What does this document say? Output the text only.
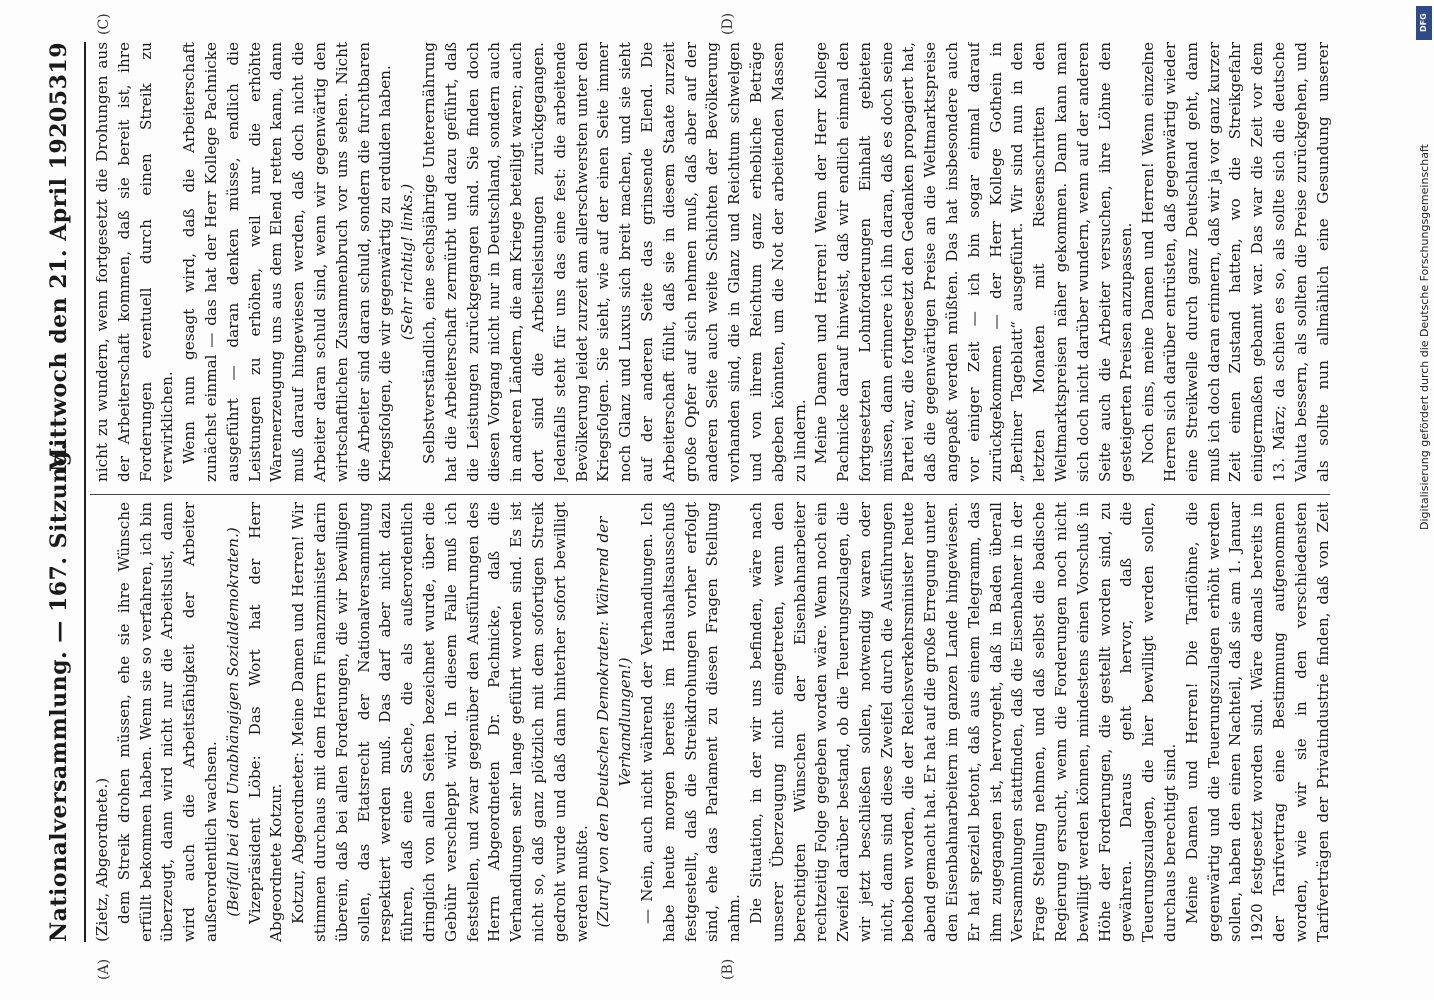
Nationalversammlung. — 167. Sitzung.
Mittwoch den 21. April 1920.
5319
(A)	(B)
(C)	(D)

(Zietz, Abgeordnete.) dem Streik drohen müssen, ehe sie ihre Wünsche erfüllt bekommen haben. Wenn sie so verfahren, ich bin überzeugt, dann wird nicht nur die Arbeitslust, dann wird auch die Arbeitsfähigkeit der Arbeiter außerordentlich wachsen. (Beifall bei den Unabhängigen Sozialdemokraten.) Vizepräsident Löbe: Das Wort hat der Herr Abgeordnete Kotzur. Kotzur, Abgeordneter: Meine Damen und Herren! Wir stimmen durchaus mit dem Herrn Finanzminister darin überein, daß bei allen Forderungen, die wir bewilligen sollen, das Etatsrecht der Nationalversammlung respektiert werden muß. Das darf aber nicht dazu führen, daß eine Sache, die als außerordentlich dringlich von allen Seiten bezeichnet wurde, über die Gebühr verschleppt wird. In diesem Falle muß ich feststellen, und zwar gegenüber den Ausführungen des Herrn Abgeordneten Dr. Pachnicke, daß die Verhandlungen sehr lange geführt worden sind. Es ist nicht so, daß ganz plötzlich mit dem sofortigen Streik gedroht wurde und daß dann hinterher sofort bewilligt werden mußte. (Zuruf von den Deutschen Demokraten: Während der Verhandlungen!) — Nein, auch nicht während der Verhandlungen. Ich habe heute morgen bereits im Haushaltsausschuß festgestellt, daß die Streikdrohungen vorher erfolgt sind, ehe das Parlament zu diesen Fragen Stellung nahm. Die Situation, in der wir uns befinden, wäre nach unserer Überzeugung nicht eingetreten, wenn den berechtigten Wünschen der Eisenbahnarbeiter rechtzeitig Folge gegeben worden wäre. Wenn noch ein Zweifel darüber bestand, ob die Teuerungszulagen, die wir jetzt beschließen sollen, notwendig waren oder nicht, dann sind diese Zweifel durch die Ausführungen behoben worden, die der Reichsverkehrsminister heute abend gemacht hat. Er hat auf die große Erregung unter den Eisenbahnarbeitern im ganzen Lande hingewiesen. Er hat speziell betont, daß aus einem Telegramm, das ihm zugegangen ist, hervorgeht, daß in Baden überall Versammlungen stattfinden, daß die Eisenbahner in der Frage Stellung nehmen, und daß selbst die badische Regierung ersucht, wenn die Forderungen noch nicht bewilligt werden können, mindestens einen Vorschuß in Höhe der Forderungen, die gestellt worden sind, zu gewähren. Daraus geht hervor, daß die Teuerungszulagen, die hier bewilligt werden sollen, durchaus berechtigt sind. Meine Damen und Herren! Die Tariflöhne, die gegenwärtig und die Teuerungszulagen erhöht werden sollen, haben den einen Nachteil, daß sie am 1. Januar 1920 festgesetzt worden sind. Wäre damals bereits in der Tarifvertrag eine Bestimmung aufgenommen worden, wie wir sie in den verschiedensten Tarifverträgen der Privatindustrie finden, daß von Zeit

nicht zu wundern, wenn fortgesetzt die Drohungen aus der Arbeiterschaft kommen, daß sie bereit ist, ihre Forderungen eventuell durch einen Streik zu verwirklichen. Wenn nun gesagt wird, daß die Arbeiterschaft zunächst einmal — das hat der Herr Kollege Pachnicke ausgeführt — daran denken müsse, endlich die Leistungen zu erhöhen, weil nur die erhöhte Warenerzeugung uns aus dem Elend retten kann, dann muß darauf hingewiesen werden, daß doch nicht die Arbeiter daran schuld sind, wenn wir gegenwärtig den wirtschaftlichen Zusammenbruch vor uns sehen. Nicht die Arbeiter sind daran schuld, sondern die furchtbaren Kriegsfolgen, die wir gegenwärtig zu erdulden haben. (Sehr richtig! links.) Selbstverständlich, eine sechsjährige Unterernährung hat die Arbeiterschaft zermürbt und dazu geführt, daß die Leistungen zurückgegangen sind. Sie finden doch diesen Vorgang nicht nur in Deutschland, sondern auch in anderen Ländern, die am Kriege beteiligt waren; auch dort sind die Arbeitsleistungen zurückgegangen. Jedenfalls steht für uns das eine fest: die arbeitende Bevölkerung leidet zurzeit am allerschwersten unter den Kriegsfolgen. Sie sieht, wie auf der einen Seite immer noch Glanz und Luxus sich breit machen, und sie sieht auf der anderen Seite das grinsende Elend. Die Arbeiterschaft fühlt, daß sie in diesem Staate zurzeit große Opfer auf sich nehmen muß, daß aber auf der anderen Seite auch weite Schichten der Bevölkerung vorhanden sind, die in Glanz und Reichtum schwelgen und von ihrem Reichtum ganz erhebliche Beträge abgeben könnten, um die Not der arbeitenden Massen zu lindern. Meine Damen und Herren! Wenn der Herr Kollege Pachnicke darauf hinweist, daß wir endlich einmal den fortgesetzten Lohnforderungen Einhalt gebieten müssen, dann erinnere ich ihn daran, daß es doch seine Partei war, die fortgesetzt den Gedanken propagiert hat, daß die gegenwärtigen Preise an die Weltmarktspreise angepaßt werden müßten. Das hat insbesondere auch vor einiger Zeit — ich bin sogar einmal darauf zurückgekommen — der Herr Kollege Gothein in „Berliner Tageblatt“ ausgeführt. Wir sind nun in den letzten Monaten mit Riesenschritten den Weltmarktspreisen näher gekommen. Dann kann man sich doch nicht darüber wundern, wenn auf der anderen Seite auch die Arbeiter versuchen, ihre Löhne den gesteigerten Preisen anzupassen. Noch eins, meine Damen und Herren! Wenn einzelne Herren sich darüber entrüsten, daß gegenwärtig wieder eine Streikwelle durch ganz Deutschland geht, dann muß ich doch daran erinnern, daß wir ja vor ganz kurzer Zeit einen Zustand hatten, wo die Streikgefahr einigermaßen gebannt war. Das war die Zeit vor dem 13. März; da schien es so, als sollte sich die deutsche Valuta bessern, als sollten die Preise zurückgehen, und als sollte nun allmählich eine Gesundung unserer

DFG
Digitalisierung gefördert durch die Deutsche Forschungsgemeinschaft
